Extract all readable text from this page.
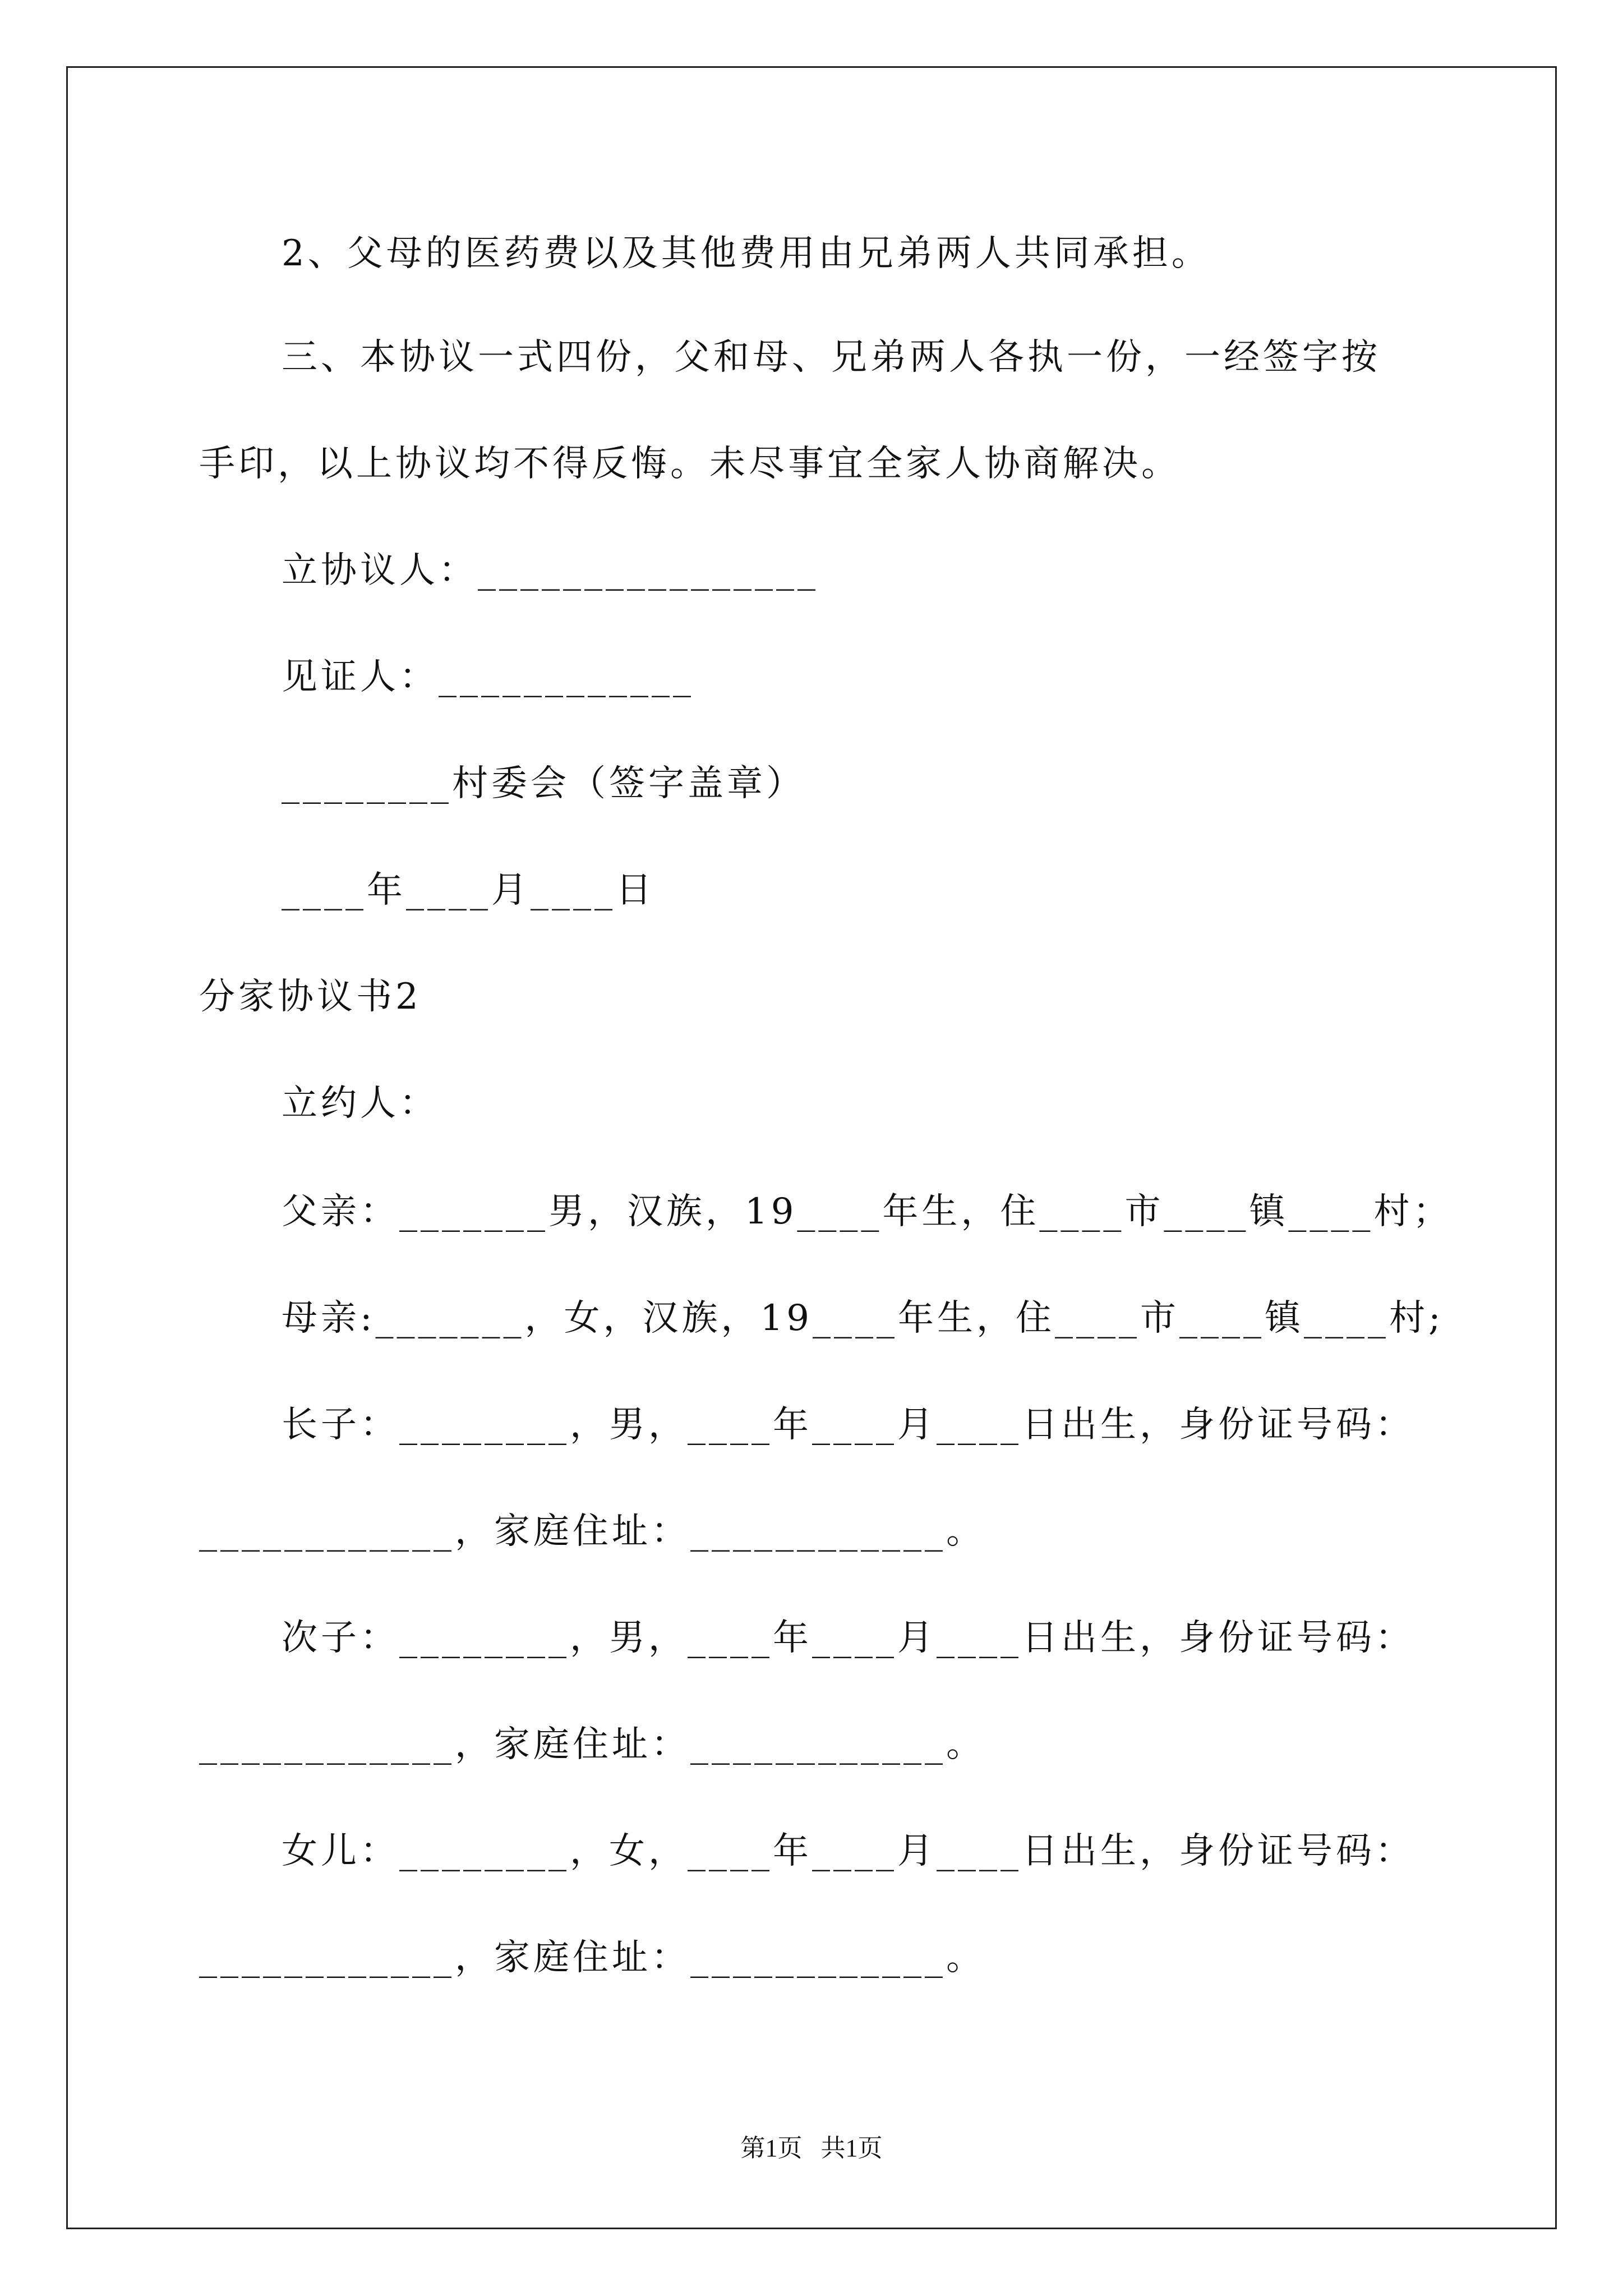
2、父母的医药费以及其他费用由兄弟两人共同承担。
三、本协议一式四份，父和母、兄弟两人各执一份，一经签字按
手印，以上协议均不得反悔。未尽事宜全家人协商解决。
立协议人：________________
见证人：____________
________村委会（签字盖章）
____年____月____日
分家协议书2
立约人：
父亲：_______男，汉族，19____年生，住____市____镇____村；
母亲:_______，女，汉族，19____年生，住____市____镇____村;
长子：________，男，____年____月____日出生，身份证号码：
____________，家庭住址：____________。
次子：________，男，____年____月____日出生，身份证号码：
____________，家庭住址：____________。
女儿：________，女，____年____月____日出生，身份证号码：
____________，家庭住址：____________。
第1页   共1页
